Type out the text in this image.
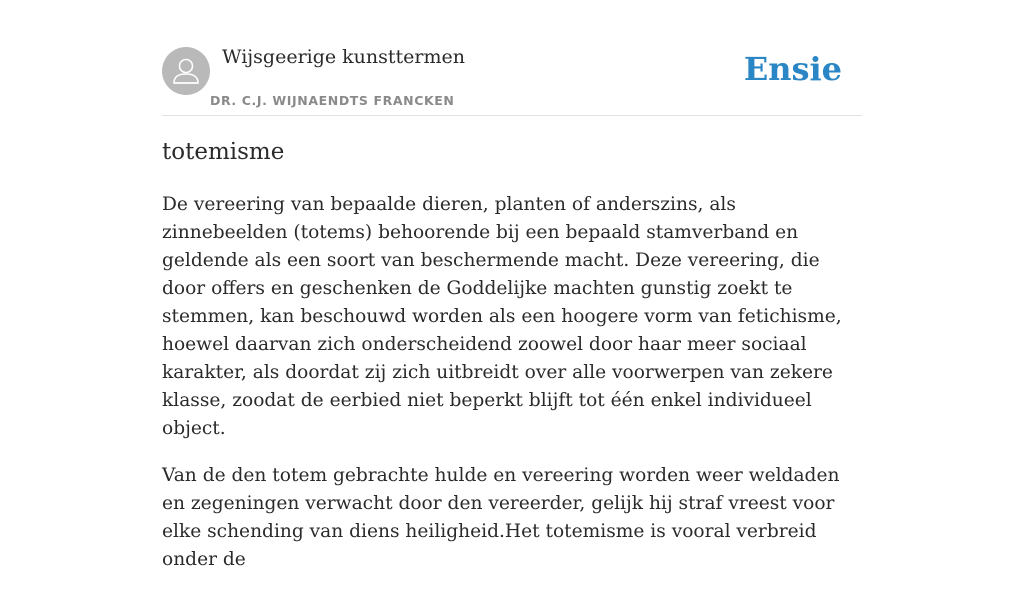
Wijsgeerige kunsttermen
DR. C.J. WIJNAENDTS FRANCKEN
Ensie
totemisme

De vereering van bepaalde dieren, planten of anderszins, als zinnebeelden (totems) behoorende bij een bepaald stamverband en geldende als een soort van beschermende macht. Deze vereering, die door offers en geschenken de Goddelijke machten gunstig zoekt te stemmen, kan beschouwd worden als een hoogere vorm van fetichisme, hoewel daarvan zich onderscheidend zoowel door haar meer sociaal karakter, als doordat zij zich uitbreidt over alle voorwerpen van zekere klasse, zoodat de eerbied niet beperkt blijft tot één enkel individueel object.

Van de den totem gebrachte hulde en vereering worden weer weldaden en zegeningen verwacht door den vereerder, gelijk hij straf vreest voor elke schending van diens heiligheid.Het totemisme is vooral verbreid onder de
